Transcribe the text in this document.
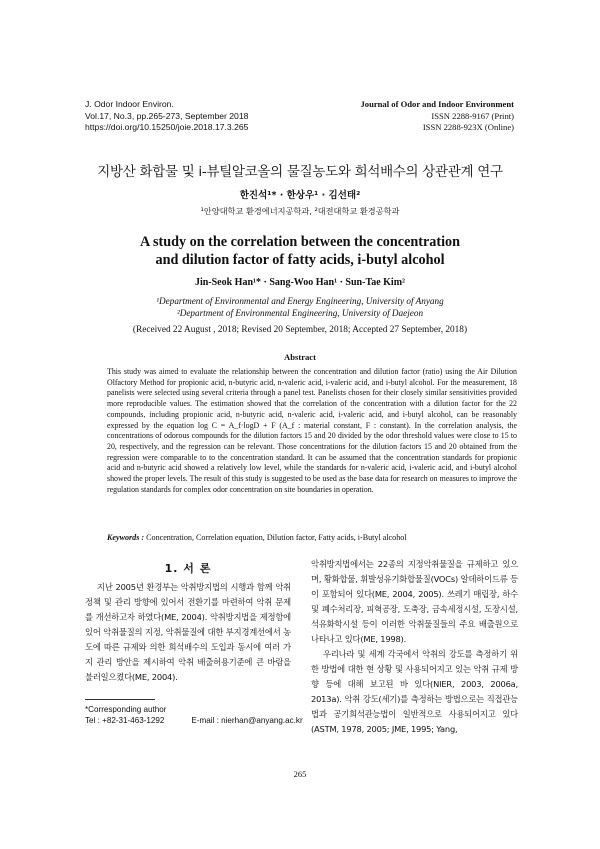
J. Odor Indoor Environ.
Vol.17, No.3, pp.265-273, September 2018
https://doi.org/10.15250/joie.2018.17.3.265
Journal of Odor and Indoor Environment
ISSN 2288-9167 (Print)
ISSN 2288-923X (Online)
지방산 화합물 및 i-뷰틸알코올의 물질농도와 희석배수의 상관관계 연구
한진석¹* · 한상우¹ · 김선태²
¹안양대학교 환경에너지공학과, ²대전대학교 환경공학과
A study on the correlation between the concentration
and dilution factor of fatty acids, i-butyl alcohol
Jin-Seok Han¹* · Sang-Woo Han¹ · Sun-Tae Kim²
¹Department of Environmental and Energy Engineering, University of Anyang
²Department of Environmental Engineering, University of Daejeon
(Received 22 August , 2018; Revised 20 September, 2018; Accepted 27 September, 2018)
Abstract
This study was aimed to evaluate the relationship between the concentration and dilution factor (ratio) using the Air Dilution Olfactory Method for propionic acid, n-butyric acid, n-valeric acid, i-valeric acid, and i-butyl alcohol. For the measurement, 18 panelists were selected using several criteria through a panel test. Panelists chosen for their closely similar sensitivities provided more reproducible values. The estimation showed that the correlation of the concentration with a dilution factor for the 22 compounds, including propionic acid, n-butyric acid, n-valeric acid, i-valeric acid, and i-butyl alcohol, can be reasonably expressed by the equation log C = A_f·logD + F (A_f : material constant, F : constant). In the correlation analysis, the concentrations of odorous compounds for the dilution factors 15 and 20 divided by the odor threshold values were close to 15 to 20, respectively, and the regression can be relevant. Those concentrations for the dilution factors 15 and 20 obtained from the regression were comparable to to the concentration standard. It can be assumed that the concentration standards for propionic acid and n-butyric acid showed a relatively low level, while the standards for n-valeric acid, i-valeric acid, and i-butyl alcohol showed the proper levels. The result of this study is suggested to be used as the base data for research on measures to improve the regulation standards for complex odor concentration on site boundaries in operation.
Keywords : Concentration, Correlation equation, Dilution factor, Fatty acids, i-Butyl alcohol
1. 서 론
지난 2005년 환경부는 악취방지법의 시행과 함께 악취정책 및 관리 방향에 있어서 전환기를 마련하여 악취 문제를 개선하고자 하였다(ME, 2004). 악취방지법을 제정함에 있어 악취물질의 지정, 악취물질에 대한 부지경계선에서 농도에 따른 규제와 의한 희석배수의 도입과 동시에 여러 가지 관리 방안을 제시하여 악취 배출허용기준에 큰 바람을 불러일으켰다(ME, 2004).

악취방지법에서는 22종의 지정악취물질을 규제하고 있으며, 황화합물, 휘발성유기화합물질(VOCs) 알데하이드류 등이 포함되어 있다(ME, 2004, 2005). 쓰레기 매립장, 하수 및 폐수처리장, 피혁공장, 도축장, 금속세정시설, 도장시설, 석유화학시설 등이 이러한 악취물질들의 주요 배출원으로 나타나고 있다(ME, 1998).

우리나라 및 세계 각국에서 악취의 강도를 측정하기 위한 방법에 대한 현 상황 및 사용되어지고 있는 악취 규제 방향 등에 대해 보고된 바 있다(NIER, 2003, 2006a, 2013a). 악취 강도(세기)를 측정하는 방법으로는 직접관능법과 공기희석관능법이 일반적으로 사용되어지고 있다(ASTM, 1978, 2005; JME, 1995; Yang,

*Corresponding author
Tel : +82-31-463-1292	E-mail : nierhan@anyang.ac.kr
265
